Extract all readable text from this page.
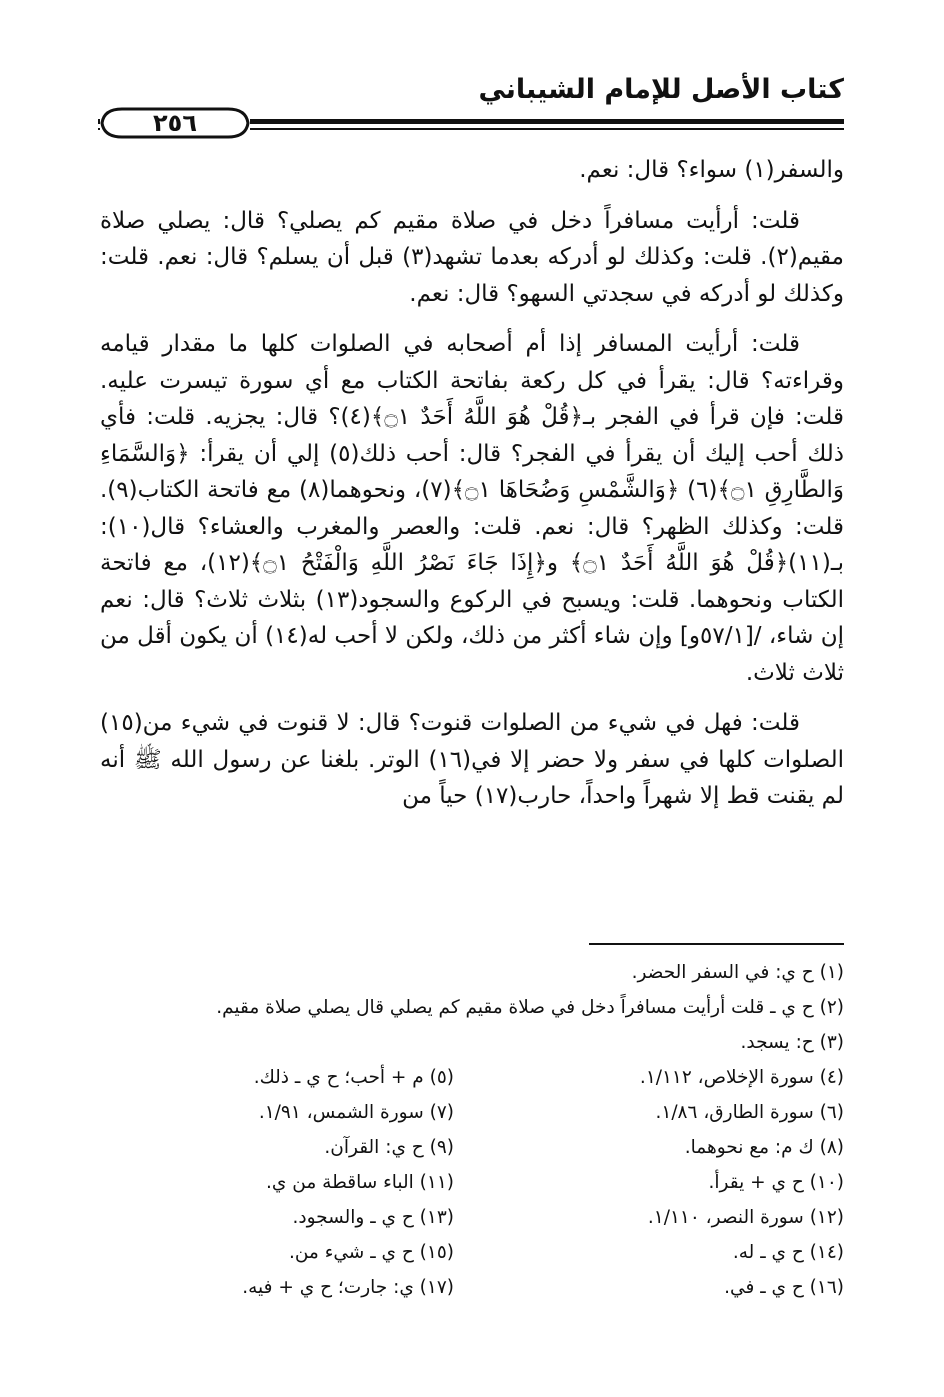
كتاب الأصل للإمام الشيباني
٢٥٦

والسفر(١) سواء؟ قال: نعم.

قلت: أرأيت مسافراً دخل في صلاة مقيم كم يصلي؟ قال: يصلي صلاة مقيم(٢). قلت: وكذلك لو أدركه بعدما تشهد(٣) قبل أن يسلم؟ قال: نعم. قلت: وكذلك لو أدركه في سجدتي السهو؟ قال: نعم.

قلت: أرأيت المسافر إذا أم أصحابه في الصلوات كلها ما مقدار قيامه وقراءته؟ قال: يقرأ في كل ركعة بفاتحة الكتاب مع أي سورة تيسرت عليه. قلت: فإن قرأ في الفجر بـ﴿قُلْ هُوَ اللَّهُ أَحَدٌ ۝١﴾(٤)؟ قال: يجزيه. قلت: فأي ذلك أحب إليك أن يقرأ في الفجر؟ قال: أحب ذلك(٥) إلي أن يقرأ: ﴿وَالسَّمَاءِ وَالطَّارِقِ ۝١﴾(٦) ﴿وَالشَّمْسِ وَضُحَاهَا ۝١﴾(٧)، ونحوهما(٨) مع فاتحة الكتاب(٩). قلت: وكذلك الظهر؟ قال: نعم. قلت: والعصر والمغرب والعشاء؟ قال(١٠): بـ(١١)﴿قُلْ هُوَ اللَّهُ أَحَدٌ ۝١﴾ و﴿إِذَا جَاءَ نَصْرُ اللَّهِ وَالْفَتْحُ ۝١﴾(١٢)، مع فاتحة الكتاب ونحوهما. قلت: ويسبح في الركوع والسجود(١٣) بثلاث ثلاث؟ قال: نعم إن شاء، /[٥٧/١و] وإن شاء أكثر من ذلك، ولكن لا أحب له(١٤) أن يكون أقل من ثلاث ثلاث.

قلت: فهل في شيء من الصلوات قنوت؟ قال: لا قنوت في شيء من(١٥) الصلوات كلها في سفر ولا حضر إلا في(١٦) الوتر. بلغنا عن رسول الله ﷺ أنه لم يقنت قط إلا شهراً واحداً، حارب(١٧) حياً من

(١) ح ي: في السفر الحضر.
(٢) ح ي ـ قلت أرأيت مسافراً دخل في صلاة مقيم كم يصلي قال يصلي صلاة مقيم.
(٣) ح: يسجد.
(٤) سورة الإخلاص، ١/١١٢.
(٥) م + أحب؛ ح ي ـ ذلك.
(٦) سورة الطارق، ١/٨٦.
(٧) سورة الشمس، ١/٩١.
(٨) ك م: مع نحوهما.
(٩) ح ي: القرآن.
(١٠) ح ي + يقرأ.
(١١) الباء ساقطة من ي.
(١٢) سورة النصر، ١/١١٠.
(١٣) ح ي ـ والسجود.
(١٤) ح ي ـ له.
(١٥) ح ي ـ شيء من.
(١٦) ح ي ـ في.
(١٧) ي: جارت؛ ح ي + فيه.
